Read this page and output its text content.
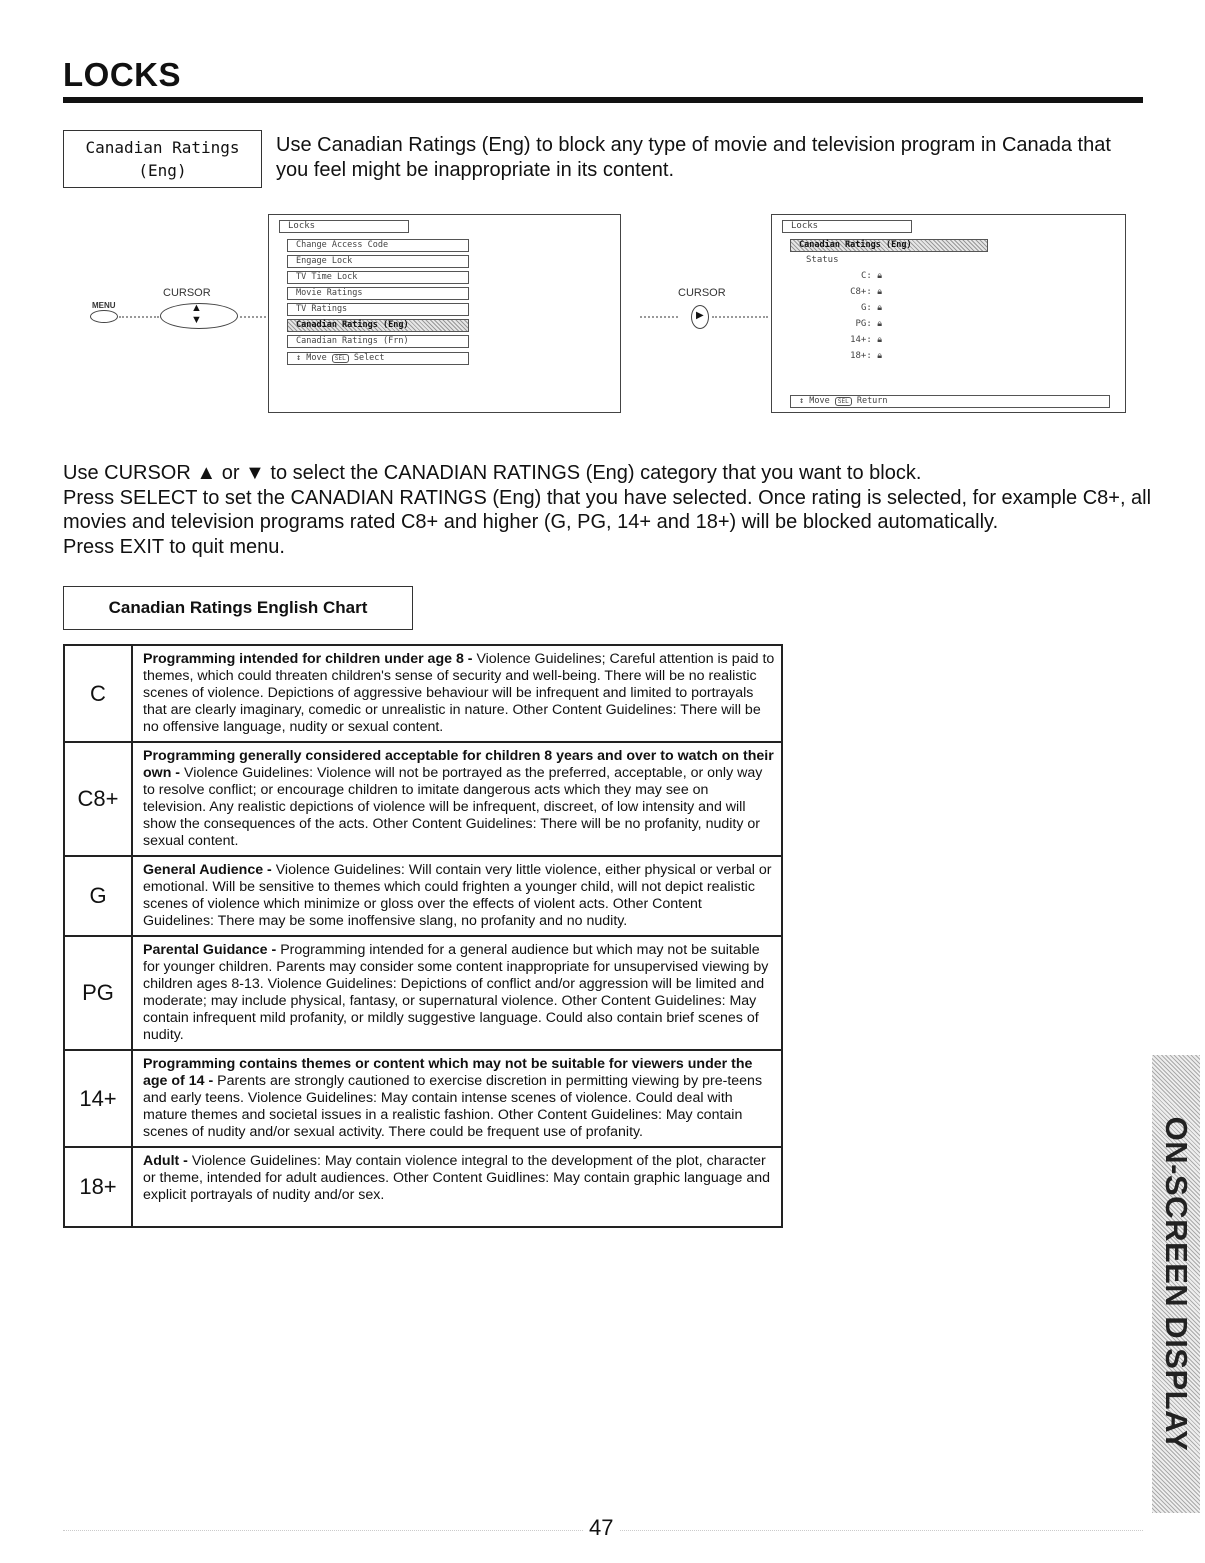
LOCKS
Canadian Ratings
(Eng)
Use Canadian Ratings (Eng) to block any type of movie and television program in Canada that you feel might be inappropriate in its content.
MENU
CURSOR
▲
▼
Locks
Change Access Code
Engage Lock
TV Time Lock
Movie Ratings
TV Ratings
Canadian Ratings (Eng)
Canadian Ratings (Frn)
↕ Move SEL Select
CURSOR
▶
Locks
Canadian Ratings (Eng)
Status
C: 🔒︎
C8+: 🔒︎
G: 🔒︎
PG: 🔒︎
14+: 🔒︎
18+: 🔒︎
↕ Move SEL Return

Use CURSOR ▲ or ▼ to select the CANADIAN RATINGS (Eng) category that you want to block.

Press SELECT to set the CANADIAN RATINGS (Eng) that you have selected. Once rating is selected, for example C8+, all movies and television programs rated C8+ and higher (G, PG, 14+ and 18+) will be blocked automatically.

Press EXIT to quit menu.

Canadian Ratings English Chart
C	Programming intended for children under age 8 - Violence Guidelines; Careful attention is paid to themes, which could threaten children's sense of security and well-being. There will be no realistic scenes of violence. Depictions of aggressive behaviour will be infrequent and limited to portrayals that are clearly imaginary, comedic or unrealistic in nature. Other Content Guidelines: There will be no offensive language, nudity or sexual content.
C8+	Programming generally considered acceptable for children 8 years and over to watch on their own - Violence Guidelines: Violence will not be portrayed as the preferred, acceptable, or only way to resolve conflict; or encourage children to imitate dangerous acts which they may see on television. Any realistic depictions of violence will be infrequent, discreet, of low intensity and will show the consequences of the acts. Other Content Guidelines: There will be no profanity, nudity or sexual content.
G	General Audience - Violence Guidelines: Will contain very little violence, either physical or verbal or emotional. Will be sensitive to themes which could frighten a younger child, will not depict realistic scenes of violence which minimize or gloss over the effects of violent acts. Other Content Guidelines: There may be some inoffensive slang, no profanity and no nudity.
PG	Parental Guidance - Programming intended for a general audience but which may not be suitable for younger children. Parents may consider some content inappropriate for unsupervised viewing by children ages 8-13. Violence Guidelines: Depictions of conflict and/or aggression will be limited and moderate; may include physical, fantasy, or supernatural violence. Other Content Guidelines: May contain infrequent mild profanity, or mildly suggestive language. Could also contain brief scenes of nudity.
14+	Programming contains themes or content which may not be suitable for viewers under the age of 14 - Parents are strongly cautioned to exercise discretion in permitting viewing by pre-teens and early teens. Violence Guidelines: May contain intense scenes of violence. Could deal with mature themes and societal issues in a realistic fashion. Other Content Guidelines: May contain scenes of nudity and/or sexual activity. There could be frequent use of profanity.
18+	Adult - Violence Guidelines: May contain violence integral to the development of the plot, character or theme, intended for adult audiences. Other Content Guidlines: May contain graphic language and explicit portrayals of nudity and/or sex.	ON-SCREEN DISPLAY
47
